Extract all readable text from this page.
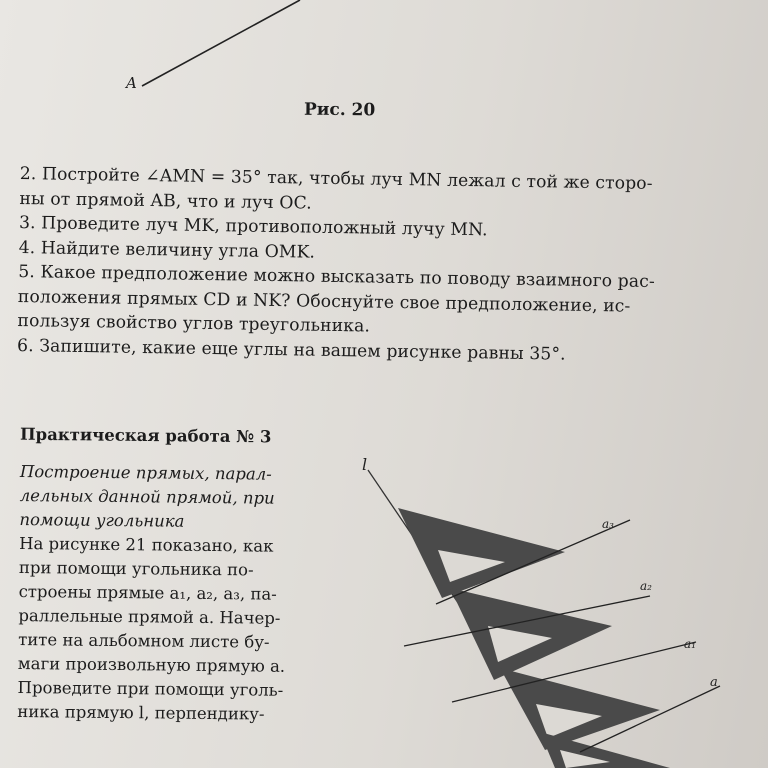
A
Рис. 20
2. Постройте ∠AMN = 35° так, чтобы луч MN лежал с той же сторо-
ны от прямой AB, что и луч OC.
3. Проведите луч MK, противоположный лучу MN.
4. Найдите величину угла OMK.
5. Какое предположение можно высказать по поводу взаимного рас-
положения прямых CD и NK? Обоснуйте свое предположение, ис-
пользуя свойство углов треугольника.
6. Запишите, какие еще углы на вашем рисунке равны 35°.
Практическая работа № 3
Построение прямых, парал-
лельных данной прямой, при
помощи угольника
На рисунке 21 показано, как
при помощи угольника по-
строены прямые a₁, a₂, a₃, па-
раллельные прямой a. Начер-
тите на альбомном листе бу-
маги произвольную прямую a.
Проведите при помощи уголь-
ника прямую l, перпендику-
l
a₃
a₂
a₁
a
